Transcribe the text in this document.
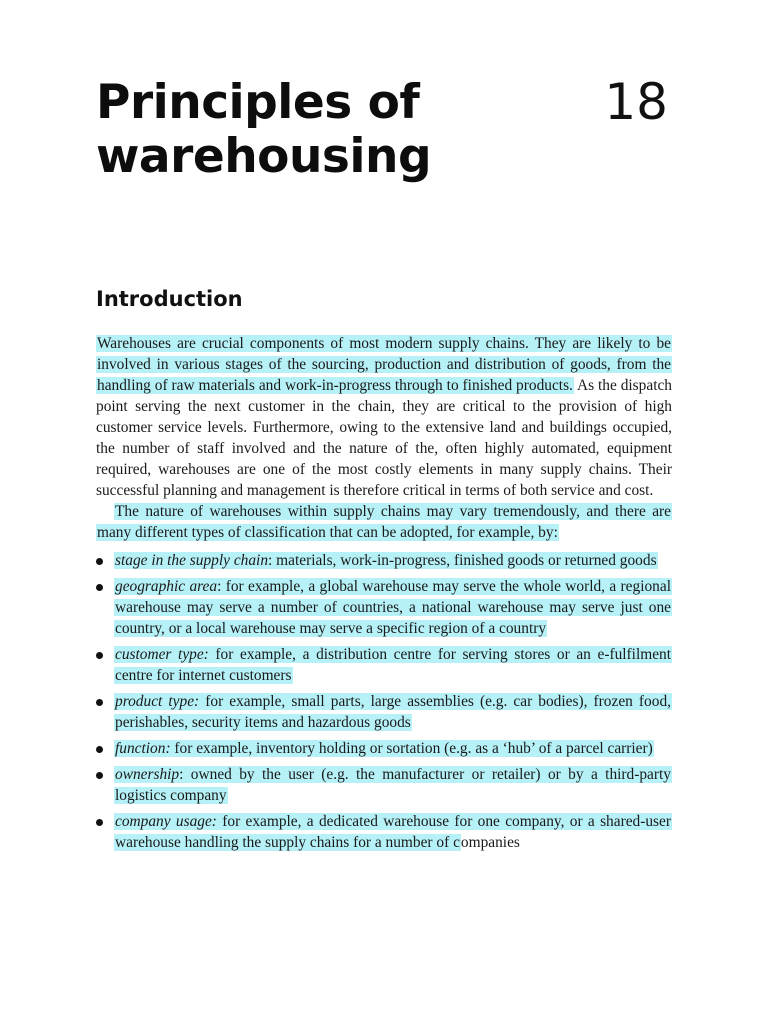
Principles of
warehousing
18
Introduction

Warehouses are crucial components of most modern supply chains. They are likely to be involved in various stages of the sourcing, production and distribution of goods, from the handling of raw materials and work-in-progress through to finished products. As the dispatch point serving the next customer in the chain, they are critical to the provision of high customer service levels. Furthermore, owing to the extensive land and buildings occupied, the number of staff involved and the nature of the, often highly automated, equipment required, warehouses are one of the most costly elements in many supply chains. Their successful planning and management is therefore critical in terms of both service and cost.

The nature of warehouses within supply chains may vary tremendously, and there are many different types of classification that can be adopted, for example, by:

stage in the supply chain: materials, work-in-progress, finished goods or returned goods
geographic area: for example, a global warehouse may serve the whole world, a regional warehouse may serve a number of countries, a national warehouse may serve just one country, or a local warehouse may serve a specific region of a country
customer type: for example, a distribution centre for serving stores or an e-fulfilment centre for internet customers
product type: for example, small parts, large assemblies (e.g. car bodies), frozen food, perishables, security items and hazardous goods
function: for example, inventory holding or sortation (e.g. as a ‘hub’ of a parcel carrier)
ownership: owned by the user (e.g. the manufacturer or retailer) or by a third-party logistics company
company usage: for example, a dedicated warehouse for one company, or a shared-user warehouse handling the supply chains for a number of companies
